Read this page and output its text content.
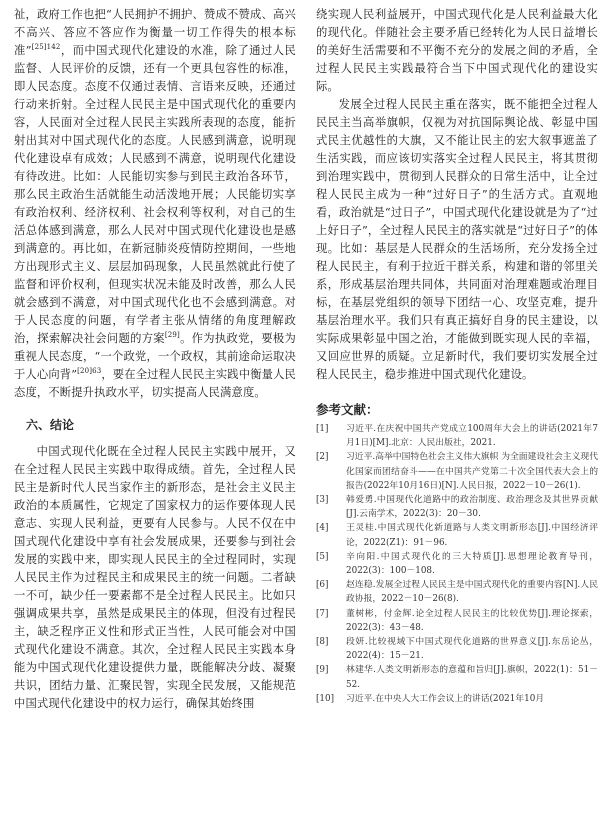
祉，政府工作也把“人民拥护不拥护、赞成不赞成、高兴不高兴、答应不答应作为衡量一切工作得失的根本标准”$^{[25]142}$，而中国式现代化建设的水准，除了通过人民监督、人民评价的反馈，还有一个更具包容性的标准，即人民态度。态度不仅通过表情、言语来反映，还通过行动来折射。全过程人民民主是中国式现代化的重要内容，人民面对全过程人民民主实践所表现的态度，能折射出其对中国式现代化的态度。人民感到满意，说明现代化建设卓有成效；人民感到不满意，说明现代化建设有待改进。比如：人民能切实参与到民主政治各环节，那么民主政治生活就能生动活泼地开展；人民能切实享有政治权利、经济权利、社会权利等权利，对自己的生活总体感到满意，那么人民对中国式现代化建设也是感到满意的。再比如，在新冠肺炎疫情防控期间，一些地方出现形式主义、层层加码现象，人民虽然就此行使了监督和评价权利，但现实状况未能及时改善，那么人民就会感到不满意，对中国式现代化也不会感到满意。对于人民态度的问题，有学者主张从情绪的角度理解政治，探索解决社会问题的方案[29]。作为执政党，要极为重视人民态度，“一个政党，一个政权，其前途命运取决于人心向背”$^{[20]63}$，要在全过程人民民主实践中衡量人民态度，不断提升执政水平，切实提高人民满意度。

六、结论

中国式现代化既在全过程人民民主实践中展开，又在全过程人民民主实践中取得成绩。首先，全过程人民民主是新时代人民当家作主的新形态，是社会主义民主政治的本质属性，它规定了国家权力的运作要体现人民意志、实现人民利益，更要有人民参与。人民不仅在中国式现代化建设中享有社会发展成果，还要参与到社会发展的实践中来，即实现人民民主的全过程同时，实现人民民主作为过程民主和成果民主的统一问题。二者缺一不可，缺少任一要素都不是全过程人民民主。比如只强调成果共享，虽然是成果民主的体现，但没有过程民主，缺乏程序正义性和形式正当性，人民可能会对中国式现代化建设不满意。其次，全过程人民民主实践本身能为中国式现代化建设提供力量，既能解决分歧、凝聚共识，团结力量、汇聚民智，实现全民发展，又能规范中国式现代化建设中的权力运行，确保其始终围

绕实现人民利益展开，中国式现代化是人民利益最大化的现代化。伴随社会主要矛盾已经转化为人民日益增长的美好生活需要和不平衡不充分的发展之间的矛盾，全过程人民民主实践最符合当下中国式现代化的建设实际。

发展全过程人民民主重在落实，既不能把全过程人民民主当高举旗帜，仅视为对抗国际舆论战、彰显中国式民主优越性的大旗，又不能让民主的宏大叙事遮盖了生活实践，而应该切实落实全过程人民民主，将其贯彻到治理实践中，贯彻到人民群众的日常生活中，让全过程人民民主成为一种“过好日子”的生活方式。直观地看，政治就是“过日子”，中国式现代化建设就是为了“过上好日子”，全过程人民民主的落实就是“过好日子”的体现。比如：基层是人民群众的生活场所，充分发扬全过程人民民主，有利于拉近干群关系，构建和谐的邻里关系，形成基层治理共同体，共同面对治理难题或治理目标，在基层党组织的领导下团结一心、攻坚克难，提升基层治理水平。我们只有真正搞好自身的民主建设，以实际成果彰显中国之治，才能做到既实现人民的幸福，又回应世界的质疑。立足新时代，我们要切实发展全过程人民民主，稳步推进中国式现代化建设。

参考文献：
[1]	习近平.在庆祝中国共产党成立100周年大会上的讲话(2021年7月1日)[M].北京：人民出版社，2021.
[2]	习近平.高举中国特色社会主义伟大旗帜 为全面建设社会主义现代化国家而团结奋斗——在中国共产党第二十次全国代表大会上的报告(2022年10月16日)[N].人民日报，2022－10－26(1).
[3]	韩爱勇.中国现代化道路中的政治制度、政治理念及其世界贡献[J].云南学术，2022(3)：20－30.
[4]	王灵桂.中国式现代化新道路与人类文明新形态[J].中国经济评论，2022(Z1)：91－96.
[5]	辛向阳.中国式现代化的三大特质[J].思想理论教育导刊，2022(3)：100－108.
[6]	赵连稳.发展全过程人民民主是中国式现代化的重要内容[N].人民政协报，2022－10－26(8).
[7]	董树彬，付金辉.论全过程人民民主的比较优势[J].理论探索，2022(3)：43－48.
[8]	段妍.比较视域下中国式现代化道路的世界意义[J].东岳论丛，2022(4)：15－21.
[9]	林建华.人类文明新形态的意蕴和旨归[J].旗帜，2022(1)：51－52.
[10]	习近平.在中央人大工作会议上的讲话(2021年10月
